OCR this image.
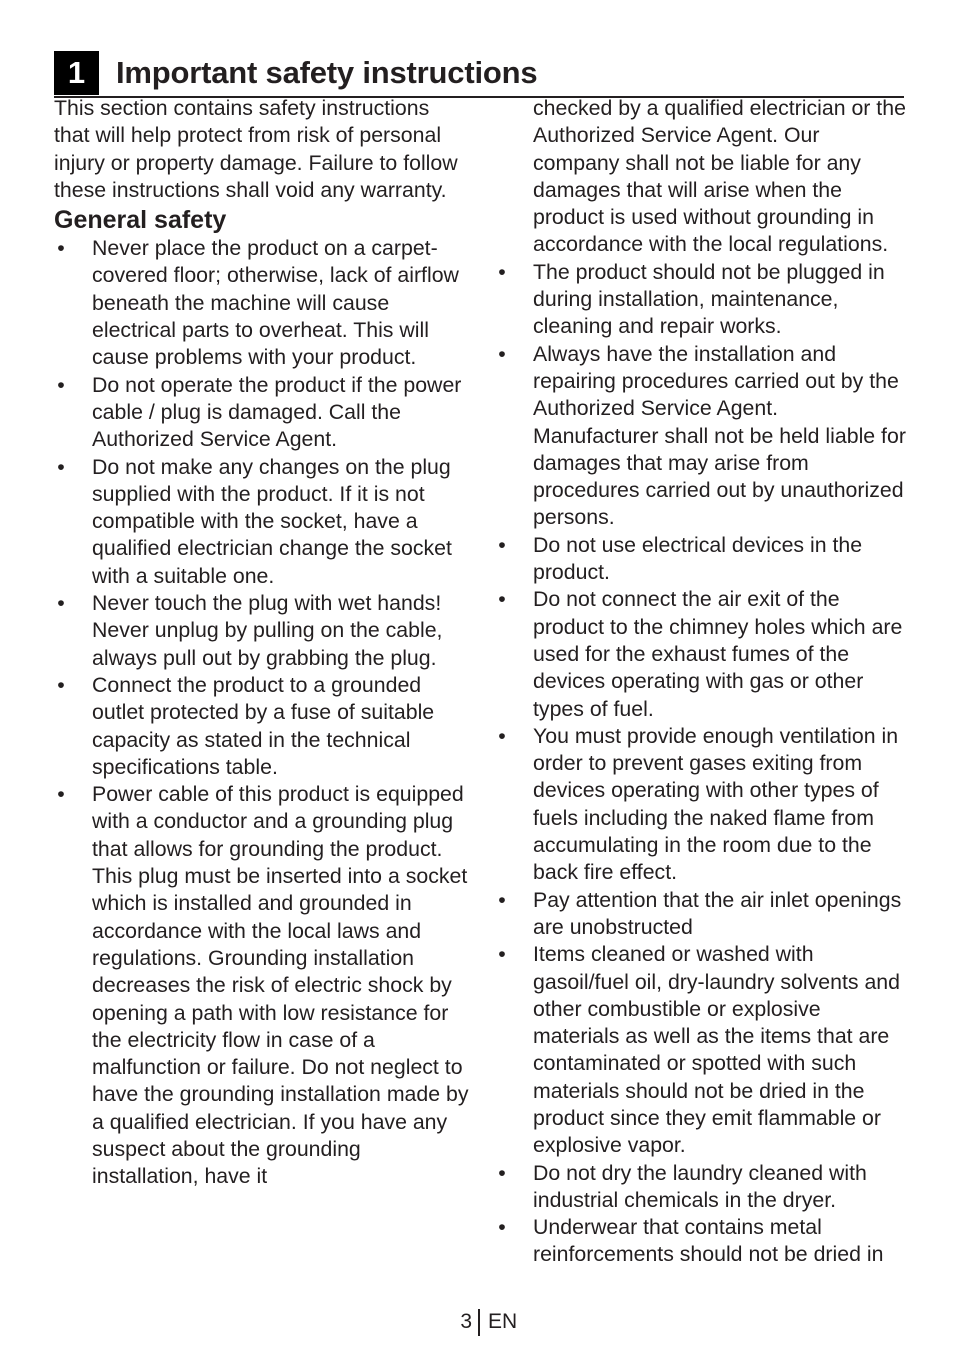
1 Important safety instructions

This section contains safety instructions that will help protect from risk of personal injury or property damage. Failure to follow these instructions shall void any warranty.

General safety
• Never place the product on a carpet-covered floor; otherwise, lack of airflow beneath the machine will cause electrical parts to overheat. This will cause problems with your product.
• Do not operate the product if the power cable / plug is damaged. Call the Authorized Service Agent.
• Do not make any changes on the plug supplied with the product. If it is not compatible with the socket, have a qualified electrician change the socket with a suitable one.
• Never touch the plug with wet hands! Never unplug by pulling on the cable, always pull out by grabbing the plug.
• Connect the product to a grounded outlet protected by a fuse of suitable capacity as stated in the technical specifications table.
• Power cable of this product is equipped with a conductor and a grounding plug that allows for grounding the product. This plug must be inserted into a socket which is installed and grounded in accordance with the local laws and regulations. Grounding installation decreases the risk of electric shock by opening a path with low resistance for the electricity flow in case of a malfunction or failure. Do not neglect to have the grounding installation made by a qualified electrician. If you have any suspect about the grounding installation, have it

checked by a qualified electrician or the Authorized Service Agent. Our company shall not be liable for any damages that will arise when the product is used without grounding in accordance with the local regulations.

• The product should not be plugged in during installation, maintenance, cleaning and repair works.
• Always have the installation and repairing procedures carried out by the Authorized Service Agent. Manufacturer shall not be held liable for damages that may arise from procedures carried out by unauthorized persons.
• Do not use electrical devices in the product.
• Do not connect the air exit of the product to the chimney holes which are used for the exhaust fumes of the devices operating with gas or other types of fuel.
• You must provide enough ventilation in order to prevent gases exiting from devices operating with other types of fuels including the naked flame from accumulating in the room due to the back fire effect.
• Pay attention that the air inlet openings are unobstructed
• Items cleaned or washed with gasoil/fuel oil, dry-laundry solvents and other combustible or explosive materials as well as the items that are contaminated or spotted with such materials should not be dried in the product since they emit flammable or explosive vapor.
• Do not dry the laundry cleaned with industrial chemicals in the dryer.
• Underwear that contains metal reinforcements should not be dried in
3 EN
